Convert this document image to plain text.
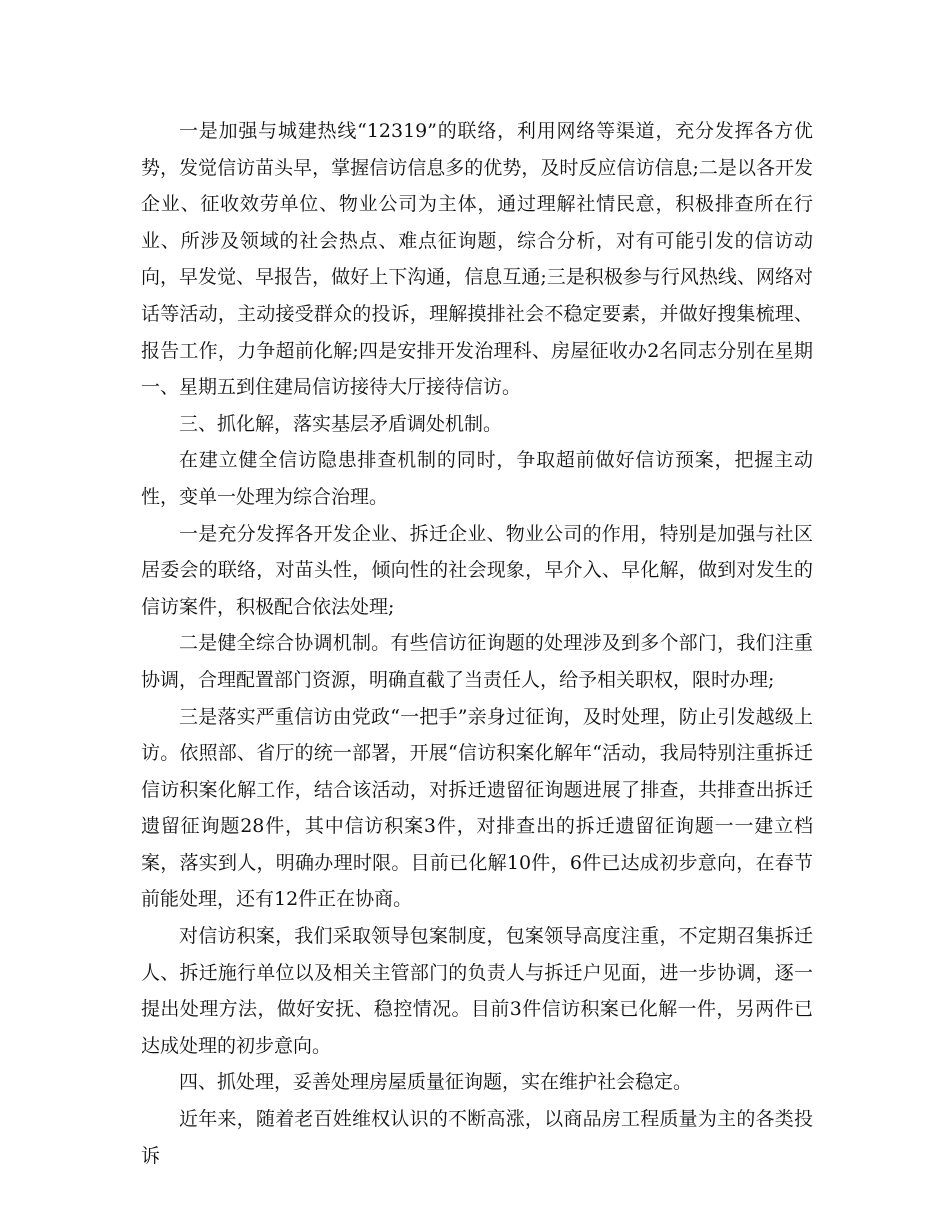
一是加强与城建热线“12319”的联络，利用网络等渠道，充分发挥各方优势，发觉信访苗头早，掌握信访信息多的优势，及时反应信访信息;二是以各开发企业、征收效劳单位、物业公司为主体，通过理解社情民意，积极排查所在行业、所涉及领域的社会热点、难点征询题，综合分析，对有可能引发的信访动向，早发觉、早报告，做好上下沟通，信息互通;三是积极参与行风热线、网络对话等活动，主动接受群众的投诉，理解摸排社会不稳定要素，并做好搜集梳理、报告工作，力争超前化解;四是安排开发治理科、房屋征收办2名同志分别在星期一、星期五到住建局信访接待大厅接待信访。

三、抓化解，落实基层矛盾调处机制。

在建立健全信访隐患排查机制的同时，争取超前做好信访预案，把握主动性，变单一处理为综合治理。

一是充分发挥各开发企业、拆迁企业、物业公司的作用，特别是加强与社区居委会的联络，对苗头性，倾向性的社会现象，早介入、早化解，做到对发生的信访案件，积极配合依法处理;

二是健全综合协调机制。有些信访征询题的处理涉及到多个部门，我们注重协调，合理配置部门资源，明确直截了当责任人，给予相关职权，限时办理;

三是落实严重信访由党政“一把手”亲身过征询，及时处理，防止引发越级上访。依照部、省厅的统一部署，开展“信访积案化解年“活动，我局特别注重拆迁信访积案化解工作，结合该活动，对拆迁遗留征询题进展了排查，共排查出拆迁遗留征询题28件，其中信访积案3件，对排查出的拆迁遗留征询题一一建立档案，落实到人，明确办理时限。目前已化解10件，6件已达成初步意向，在春节前能处理，还有12件正在协商。

对信访积案，我们采取领导包案制度，包案领导高度注重，不定期召集拆迁人、拆迁施行单位以及相关主管部门的负责人与拆迁户见面，进一步协调，逐一提出处理方法，做好安抚、稳控情况。目前3件信访积案已化解一件，另两件已达成处理的初步意向。

四、抓处理，妥善处理房屋质量征询题，实在维护社会稳定。

近年来，随着老百姓维权认识的不断高涨，以商品房工程质量为主的各类投诉
